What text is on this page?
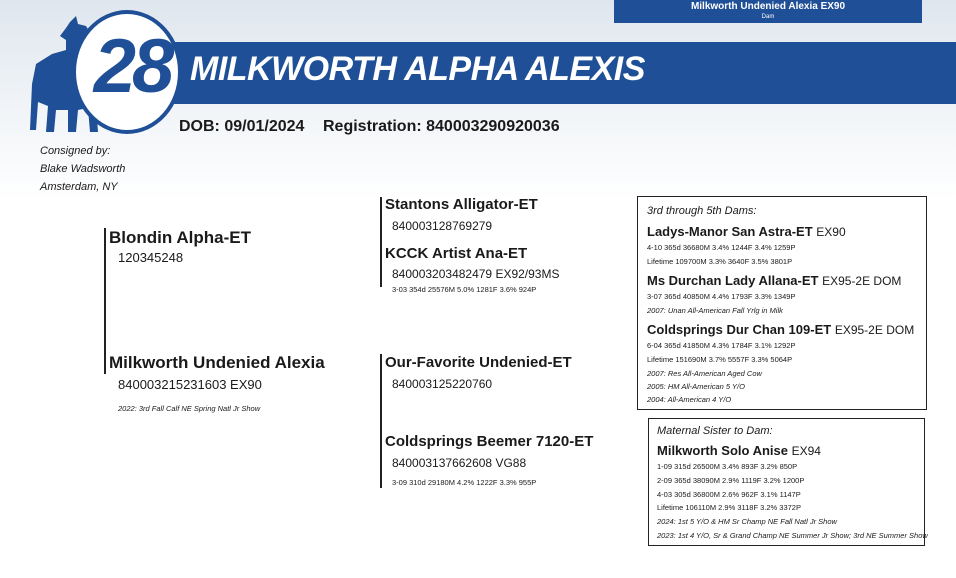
Milkworth Undenied Alexia EX90
Dam
MILKWORTH ALPHA ALEXIS
28
DOB: 09/01/2024 Registration: 840003290920036
Consigned by:
Blake Wadsworth
Amsterdam, NY
Blondin Alpha-ET
120345248
Milkworth Undenied Alexia
840003215231603 EX90
2022: 3rd Fall Calf NE Spring Natl Jr Show
Stantons Alligator-ET
840003128769279
KCCK Artist Ana-ET
840003203482479 EX92/93MS
3-03 354d 25576M 5.0% 1281F 3.6% 924P
Our-Favorite Undenied-ET
840003125220760
Coldsprings Beemer 7120-ET
840003137662608 VG88
3-09 310d 29180M 4.2% 1222F 3.3% 955P
3rd through 5th Dams:
Ladys-Manor San Astra-ET EX90
4-10 365d 36680M 3.4% 1244F 3.4% 1259P
Lifetime 109700M 3.3% 3640F 3.5% 3801P
Ms Durchan Lady Allana-ET EX95-2E DOM
3-07 365d 40850M 4.4% 1793F 3.3% 1349P
2007: Unan All-American Fall Yrlg in Milk
Coldsprings Dur Chan 109-ET EX95-2E DOM
6-04 365d 41850M 4.3% 1784F 3.1% 1292P
Lifetime 151690M 3.7% 5557F 3.3% 5064P
2007: Res All-American Aged Cow
2005: HM All-American 5 Y/O
2004: All-American 4 Y/O
Maternal Sister to Dam:
Milkworth Solo Anise EX94
1-09 315d 26500M 3.4% 893F 3.2% 850P
2-09 365d 38090M 2.9% 1119F 3.2% 1200P
4-03 305d 36800M 2.6% 962F 3.1% 1147P
Lifetime 106110M 2.9% 3118F 3.2% 3372P
2024: 1st 5 Y/O & HM Sr Champ NE Fall Natl Jr Show
2023: 1st 4 Y/O, Sr & Grand Champ NE Summer Jr Show; 3rd NE Summer Show
